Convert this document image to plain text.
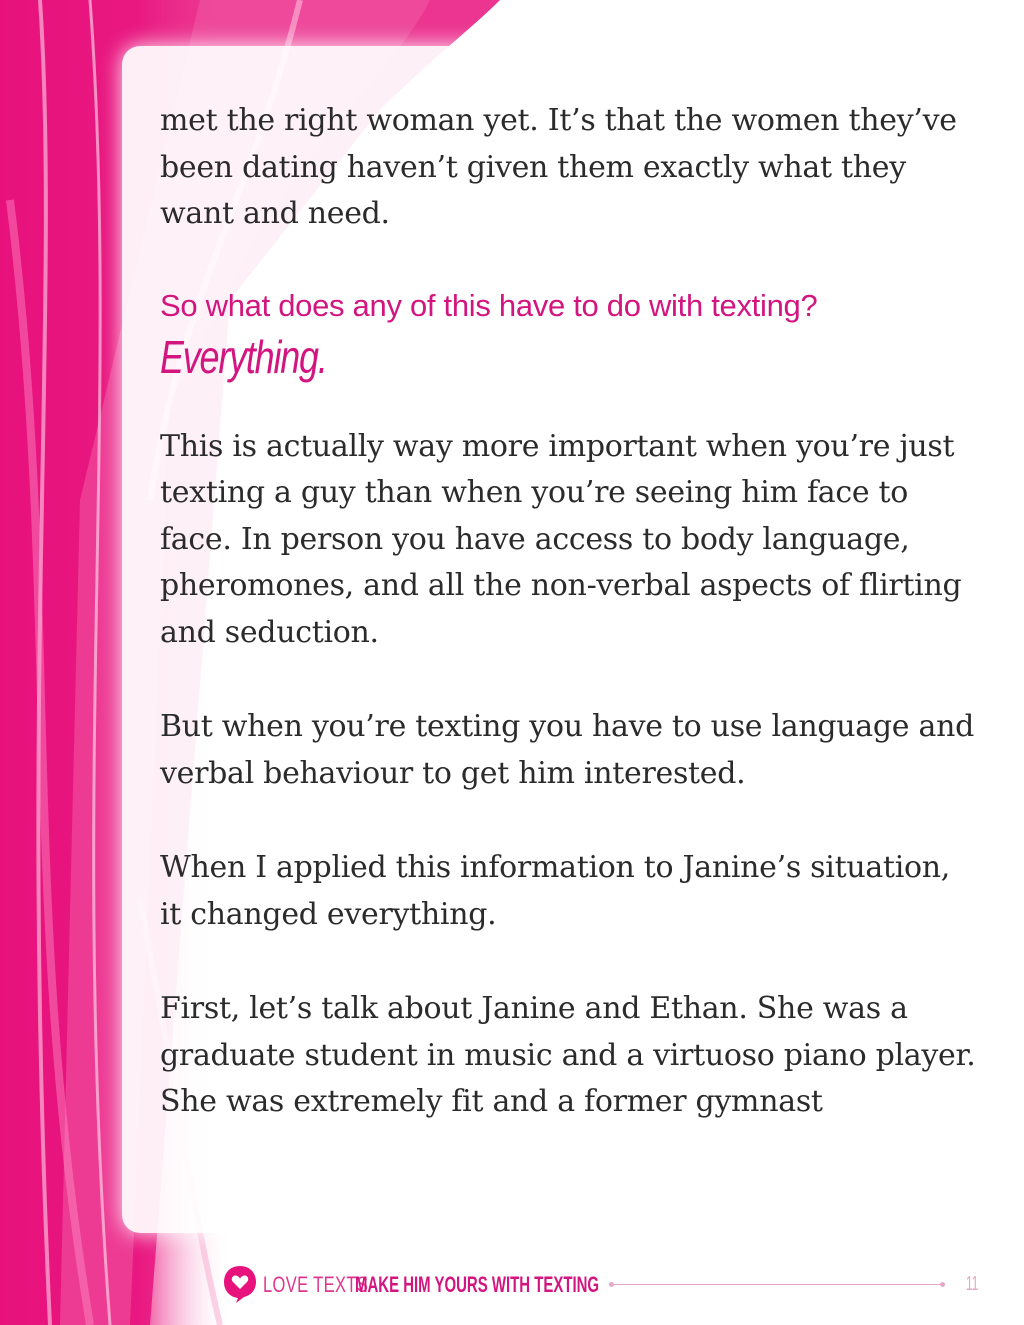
met the right woman yet. It’s that the women they’ve been dating haven’t given them exactly what they want and need.

So what does any of this have to do with texting?

Everything.

This is actually way more important when you’re just texting a guy than when you’re seeing him face to face. In person you have access to body language, pheromones, and all the non-verbal aspects of flirting and seduction.

But when you’re texting you have to use language and verbal behaviour to get him interested.

When I applied this information to Janine’s situation, it changed everything.

First, let’s talk about Janine and Ethan. She was a graduate student in music and a virtuoso piano player. She was extremely fit and a former gymnast

LOVE TEXTS
MAKE HIM YOURS WITH TEXTING	11
